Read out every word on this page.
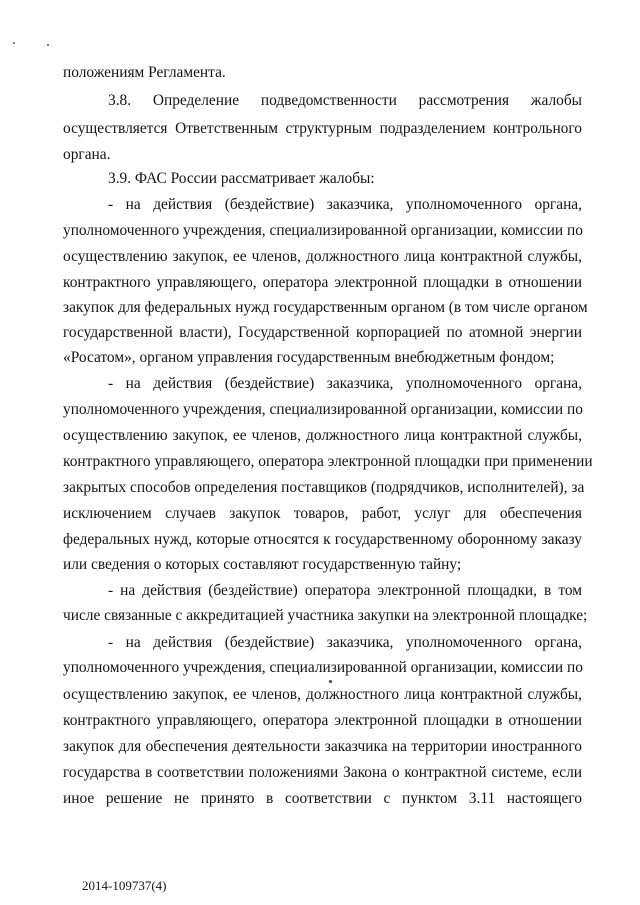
положениям Регламента.
3.8. Определение подведомственности рассмотрения жалобы
осуществляется Ответственным структурным подразделением контрольного
органа.
3.9. ФАС России рассматривает жалобы:
- на действия (бездействие) заказчика, уполномоченного органа,
уполномоченного учреждения, специализированной организации, комиссии по
осуществлению закупок, ее членов, должностного лица контрактной службы,
контрактного управляющего, оператора электронной площадки в отношении
закупок для федеральных нужд государственным органом (в том числе органом
государственной власти), Государственной корпорацией по атомной энергии
«Росатом», органом управления государственным внебюджетным фондом;
- на действия (бездействие) заказчика, уполномоченного органа,
уполномоченного учреждения, специализированной организации, комиссии по
осуществлению закупок, ее членов, должностного лица контрактной службы,
контрактного управляющего, оператора электронной площадки при применении
закрытых способов определения поставщиков (подрядчиков, исполнителей), за
исключением случаев закупок товаров, работ, услуг для обеспечения
федеральных нужд, которые относятся к государственному оборонному заказу
или сведения о которых составляют государственную тайну;
- на действия (бездействие) оператора электронной площадки, в том
числе связанные с аккредитацией участника закупки на электронной площадке;
- на действия (бездействие) заказчика, уполномоченного органа,
уполномоченного учреждения, специализированной организации, комиссии по
осуществлению закупок, ее членов, должностного лица контрактной службы,
контрактного управляющего, оператора электронной площадки в отношении
закупок для обеспечения деятельности заказчика на территории иностранного
государства в соответствии положениями Закона о контрактной системе, если
иное решение не принято в соответствии с пунктом 3.11 настоящего
2014-109737(4)
